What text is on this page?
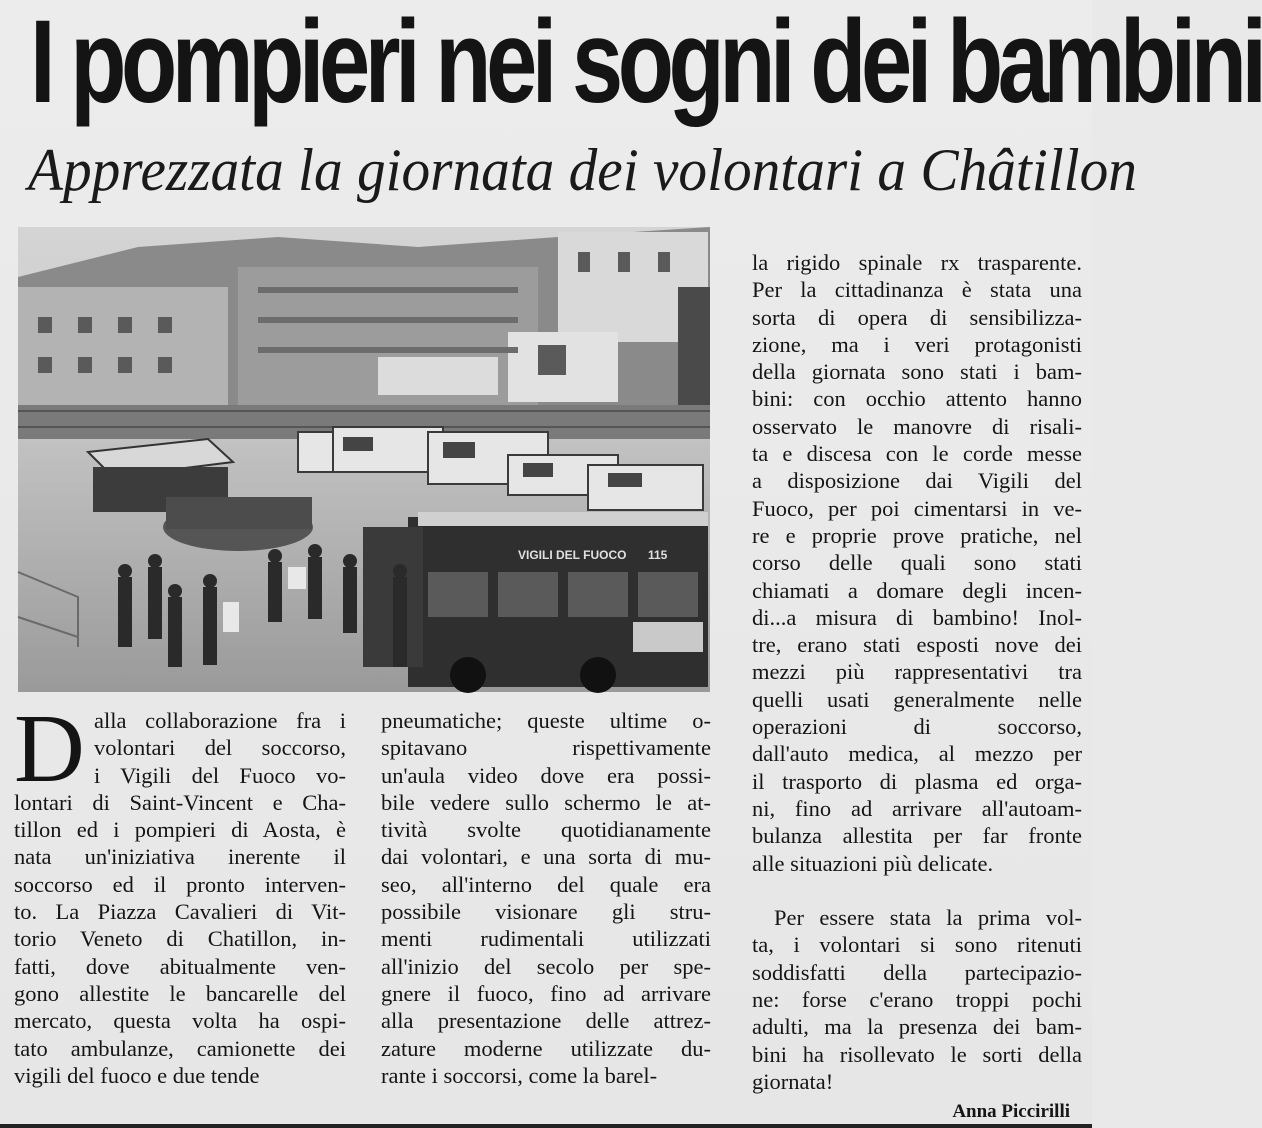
I pompieri nei sogni dei bambini
Apprezzata la giornata dei volontari a Châtillon
VIGILI DEL FUOCO 115
D alla collaborazione fra i
volontari del soccorso,
i Vigili del Fuoco vo-
lontari di Saint-Vincent e Cha-
tillon ed i pompieri di Aosta, è
nata un'iniziativa inerente il
soccorso ed il pronto interven-
to. La Piazza Cavalieri di Vit-
torio Veneto di Chatillon, in-
fatti, dove abitualmente ven-
gono allestite le bancarelle del
mercato, questa volta ha ospi-
tato ambulanze, camionette dei
vigili del fuoco e due tende
pneumatiche; queste ultime o-
spitavano rispettivamente
un'aula video dove era possi-
bile vedere sullo schermo le at-
tività svolte quotidianamente
dai volontari, e una sorta di mu-
seo, all'interno del quale era
possibile visionare gli stru-
menti rudimentali utilizzati
all'inizio del secolo per spe-
gnere il fuoco, fino ad arrivare
alla presentazione delle attrez-
zature moderne utilizzate du-
rante i soccorsi, come la barel-
la rigido spinale rx trasparente.
Per la cittadinanza è stata una
sorta di opera di sensibilizza-
zione, ma i veri protagonisti
della giornata sono stati i bam-
bini: con occhio attento hanno
osservato le manovre di risali-
ta e discesa con le corde messe
a disposizione dai Vigili del
Fuoco, per poi cimentarsi in ve-
re e proprie prove pratiche, nel
corso delle quali sono stati
chiamati a domare degli incen-
di...a misura di bambino! Inol-
tre, erano stati esposti nove dei
mezzi più rappresentativi tra
quelli usati generalmente nelle
operazioni di soccorso,
dall'auto medica, al mezzo per
il trasporto di plasma ed orga-
ni, fino ad arrivare all'autoam-
bulanza allestita per far fronte
alle situazioni più delicate.
Per essere stata la prima vol-
ta, i volontari si sono ritenuti
soddisfatti della partecipazio-
ne: forse c'erano troppi pochi
adulti, ma la presenza dei bam-
bini ha risollevato le sorti della
giornata!
Anna Piccirilli
